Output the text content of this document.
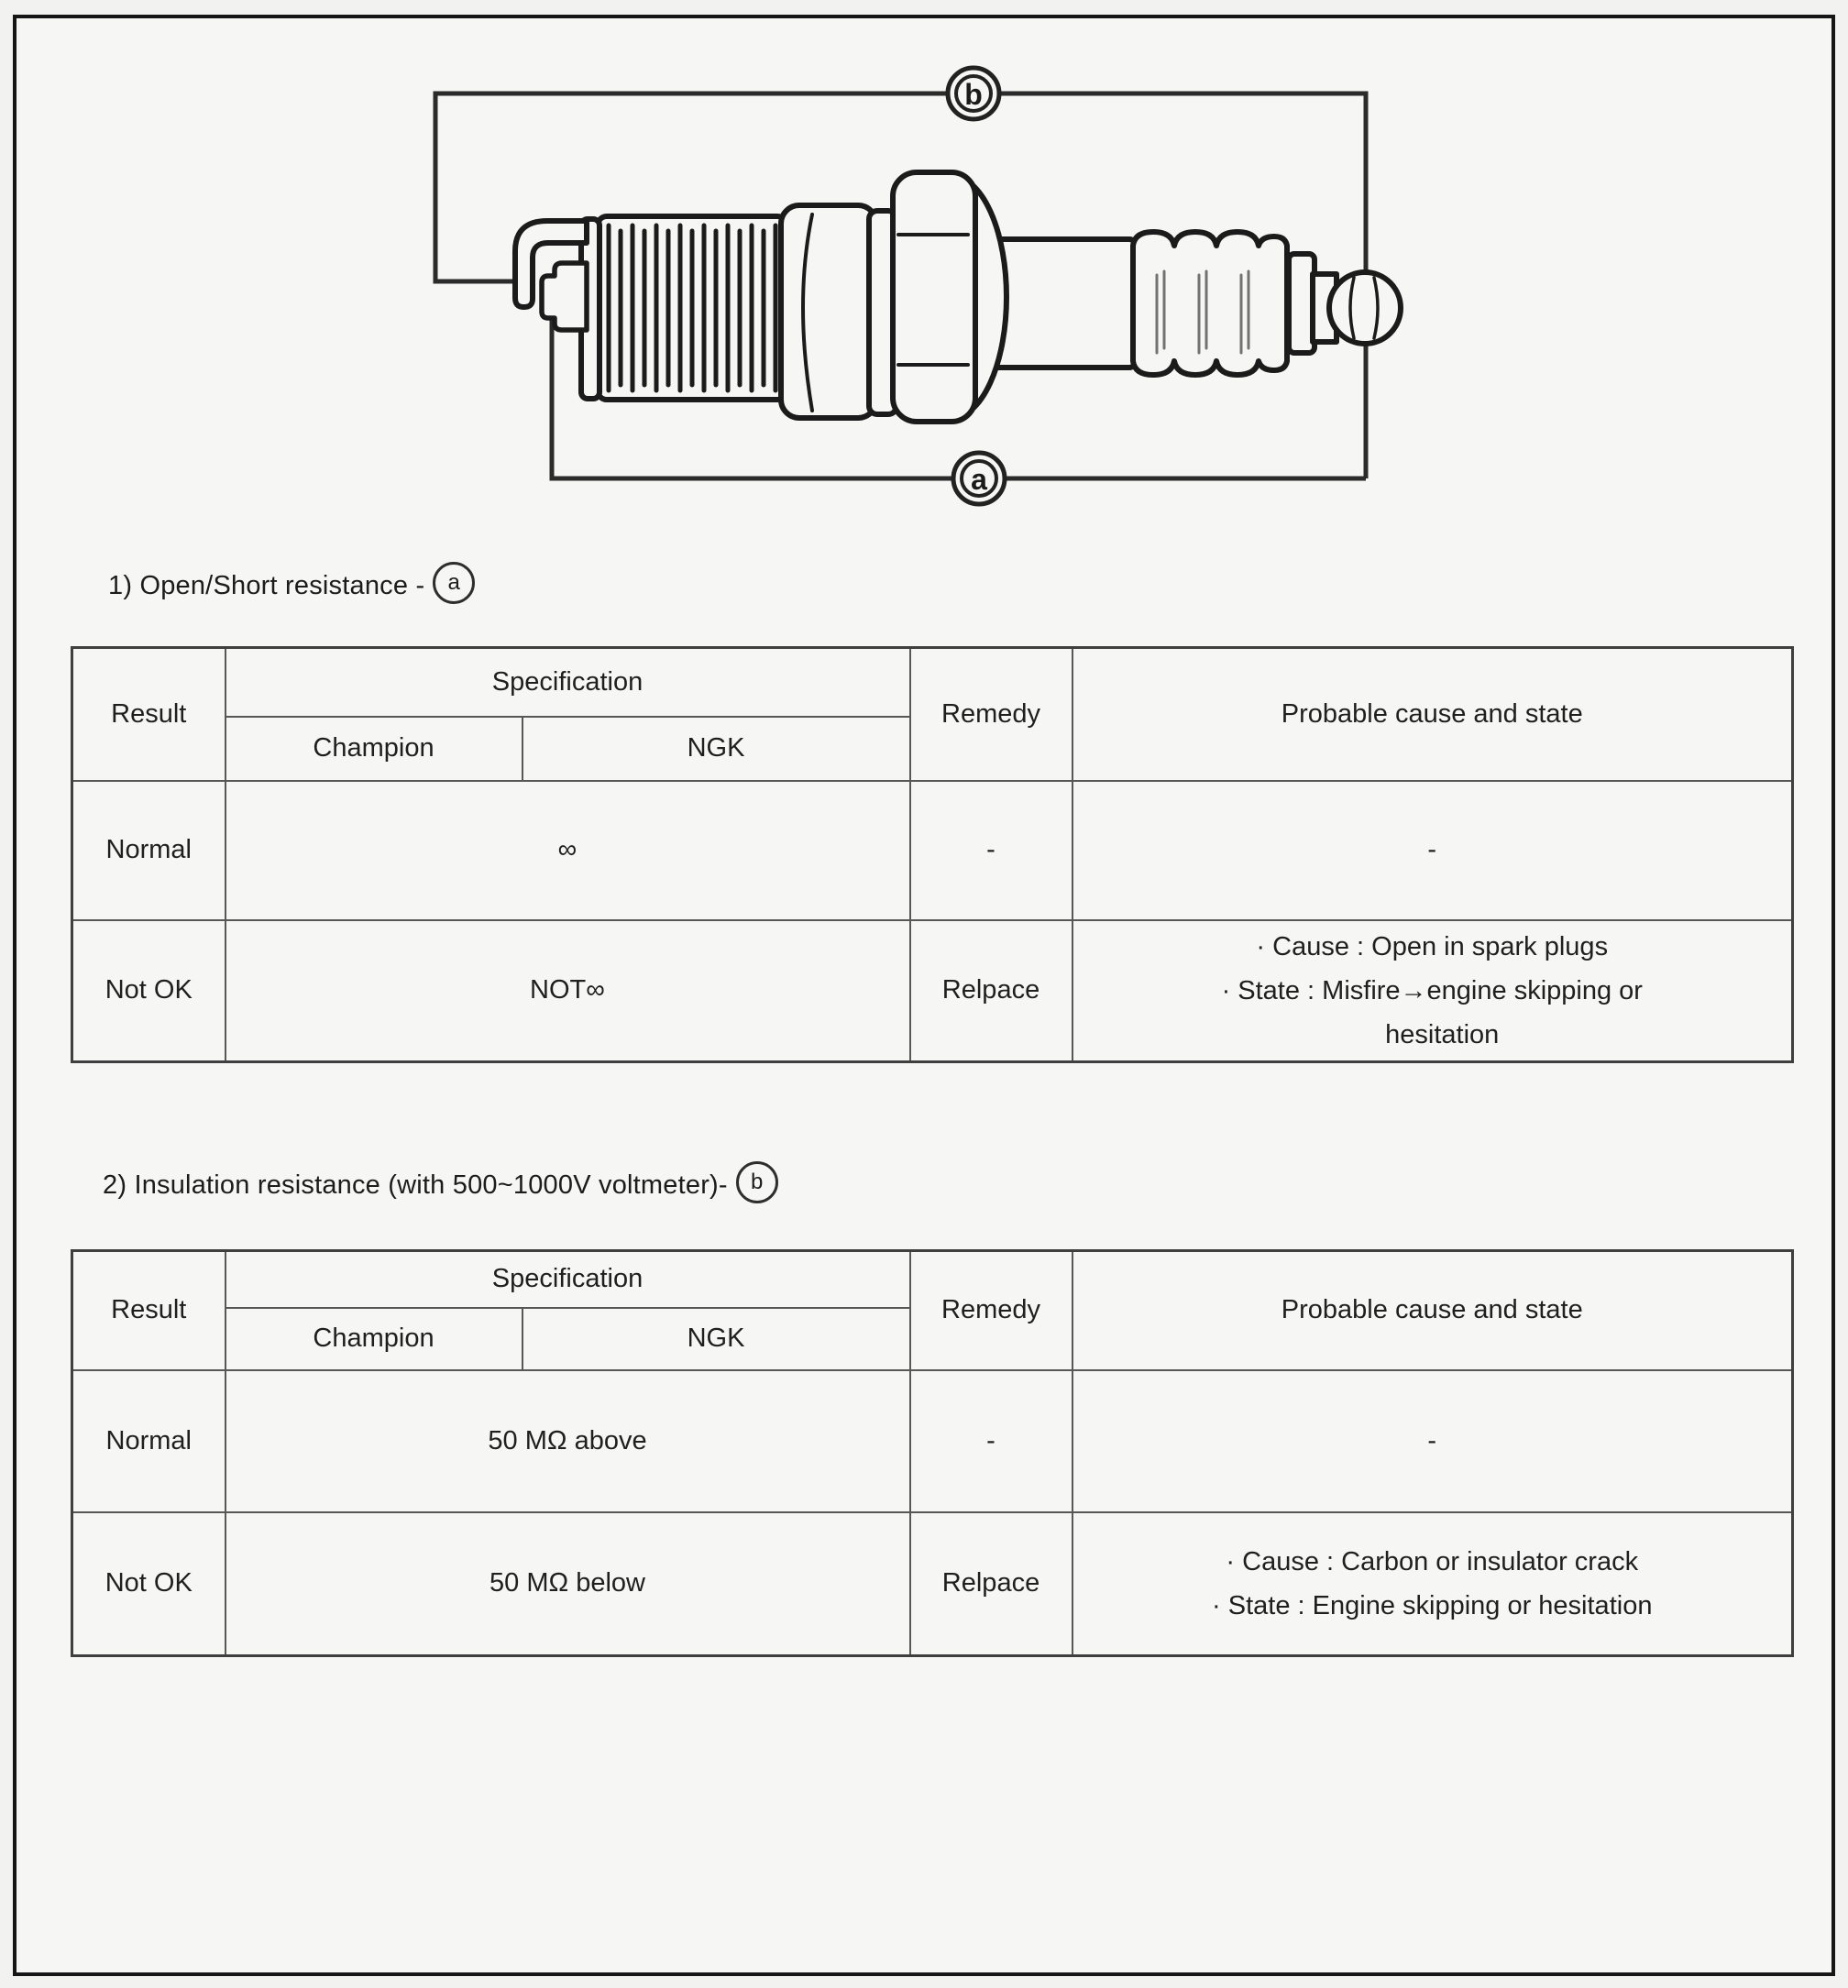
b
a
1) Open/Short resistance -	a
Result	Specification		Remedy	Probable cause and state
	Champion	NGK		
Normal	∞		-	-
Not OK	NOT∞		Relpace	· Cause : Open in spark plugs
· State : Misfire→engine skipping or
hesitation
2) Insulation resistance (with 500~1000V voltmeter)-	b
Result	Specification		Remedy	Probable cause and state
	Champion	NGK		
Normal	50 MΩ above		-	-
Not OK	50 MΩ below		Relpace	· Cause : Carbon or insulator crack
· State : Engine skipping or hesitation
